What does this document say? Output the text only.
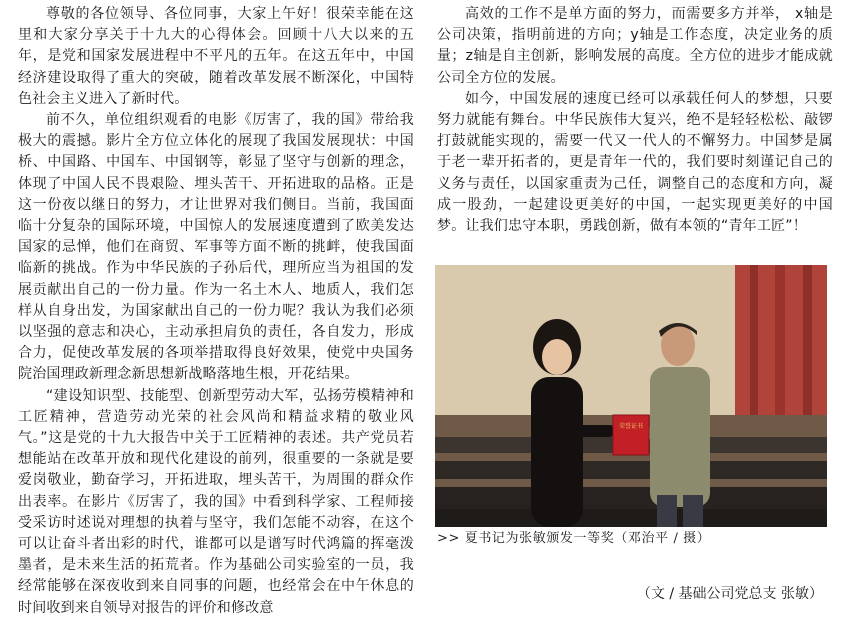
尊敬的各位领导、各位同事，大家上午好！很荣幸能在这里和大家分享关于十九大的心得体会。回顾十八大以来的五年，是党和国家发展进程中不平凡的五年。在这五年中，中国经济建设取得了重大的突破，随着改革发展不断深化，中国特色社会主义进入了新时代。

前不久，单位组织观看的电影《厉害了，我的国》带给我极大的震撼。影片全方位立体化的展现了我国发展现状：中国桥、中国路、中国车、中国钢等，彰显了坚守与创新的理念，体现了中国人民不畏艰险、埋头苦干、开拓进取的品格。正是这一份夜以继日的努力，才让世界对我们侧目。当前，我国面临十分复杂的国际环境，中国惊人的发展速度遭到了欧美发达国家的忌惮，他们在商贸、军事等方面不断的挑衅，使我国面临新的挑战。作为中华民族的子孙后代，理所应当为祖国的发展贡献出自己的一份力量。作为一名土木人、地质人，我们怎样从自身出发，为国家献出自己的一份力呢？我认为我们必须以坚强的意志和决心，主动承担肩负的责任，各自发力，形成合力，促使改革发展的各项举措取得良好效果，使党中央国务院治国理政新理念新思想新战略落地生根，开花结果。

“建设知识型、技能型、创新型劳动大军，弘扬劳模精神和工匠精神，营造劳动光荣的社会风尚和精益求精的敬业风气。”这是党的十九大报告中关于工匠精神的表述。共产党员若想能站在改革开放和现代化建设的前列，很重要的一条就是要爱岗敬业，勤奋学习，开拓进取，埋头苦干，为周围的群众作出表率。在影片《厉害了，我的国》中看到科学家、工程师接受采访时述说对理想的执着与坚守，我们怎能不动容，在这个可以让奋斗者出彩的时代，谁都可以是谱写时代鸿篇的挥毫泼墨者，是未来生活的拓荒者。作为基础公司实验室的一员，我经常能够在深夜收到来自同事的问题，也经常会在中午休息的时间收到来自领导对报告的评价和修改意

高效的工作不是单方面的努力，而需要多方并举， x轴是公司决策，指明前进的方向；y轴是工作态度，决定业务的质量；z轴是自主创新，影响发展的高度。全方位的进步才能成就公司全方位的发展。

如今，中国发展的速度已经可以承载任何人的梦想，只要努力就能有舞台。中华民族伟大复兴，绝不是轻轻松松、敲锣打鼓就能实现的，需要一代又一代人的不懈努力。中国梦是属于老一辈开拓者的，更是青年一代的，我们要时刻谨记自己的义务与责任，以国家重责为己任，调整自己的态度和方向，凝成一股劲，一起建设更美好的中国，一起实现更美好的中国梦。让我们忠守本职，勇践创新，做有本领的“青年工匠”！

荣誉证书
>> 夏书记为张敏颁发一等奖（邓治平 / 摄）
（文 / 基础公司党总支 张敏）
